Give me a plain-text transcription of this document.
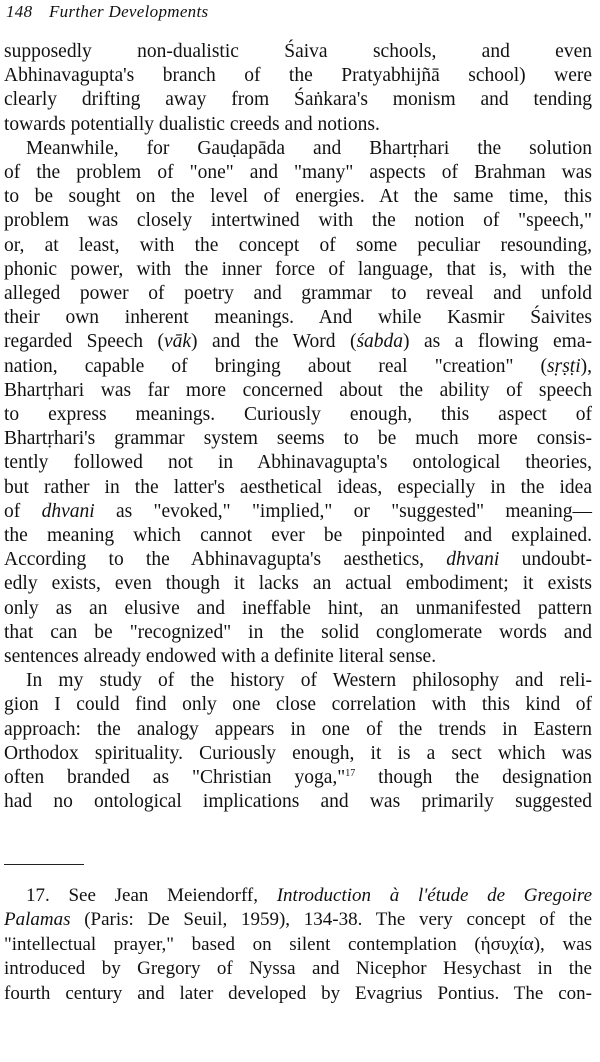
148 Further Developments
supposedly non-dualistic Śaiva schools, and even
Abhinavagupta's branch of the Pratyabhijñā school) were
clearly drifting away from Śaṅkara's monism and tending
towards potentially dualistic creeds and notions.
Meanwhile, for Gauḍapāda and Bhartṛhari the solution
of the problem of "one" and "many" aspects of Brahman was
to be sought on the level of energies. At the same time, this
problem was closely intertwined with the notion of "speech,"
or, at least, with the concept of some peculiar resounding,
phonic power, with the inner force of language, that is, with the
alleged power of poetry and grammar to reveal and unfold
their own inherent meanings. And while Kasmir Śaivites
regarded Speech (vāk) and the Word (śabda) as a flowing ema-
nation, capable of bringing about real "creation" (sṛṣṭi),
Bhartṛhari was far more concerned about the ability of speech
to express meanings. Curiously enough, this aspect of
Bhartṛhari's grammar system seems to be much more consis-
tently followed not in Abhinavagupta's ontological theories,
but rather in the latter's aesthetical ideas, especially in the idea
of dhvani as "evoked," "implied," or "suggested" meaning—
the meaning which cannot ever be pinpointed and explained.
According to the Abhinavagupta's aesthetics, dhvani undoubt-
edly exists, even though it lacks an actual embodiment; it exists
only as an elusive and ineffable hint, an unmanifested pattern
that can be "recognized" in the solid conglomerate words and
sentences already endowed with a definite literal sense.
In my study of the history of Western philosophy and reli-
gion I could find only one close correlation with this kind of
approach: the analogy appears in one of the trends in Eastern
Orthodox spirituality. Curiously enough, it is a sect which was
often branded as "Christian yoga,"$^{17}$ though the designation
had no ontological implications and was primarily suggested
17. See Jean Meiendorff, Introduction à l'étude de Gregoire
Palamas (Paris: De Seuil, 1959), 134-38. The very concept of the
"intellectual prayer," based on silent contemplation (ἡσυχία), was
introduced by Gregory of Nyssa and Nicephor Hesychast in the
fourth century and later developed by Evagrius Pontius. The con-
